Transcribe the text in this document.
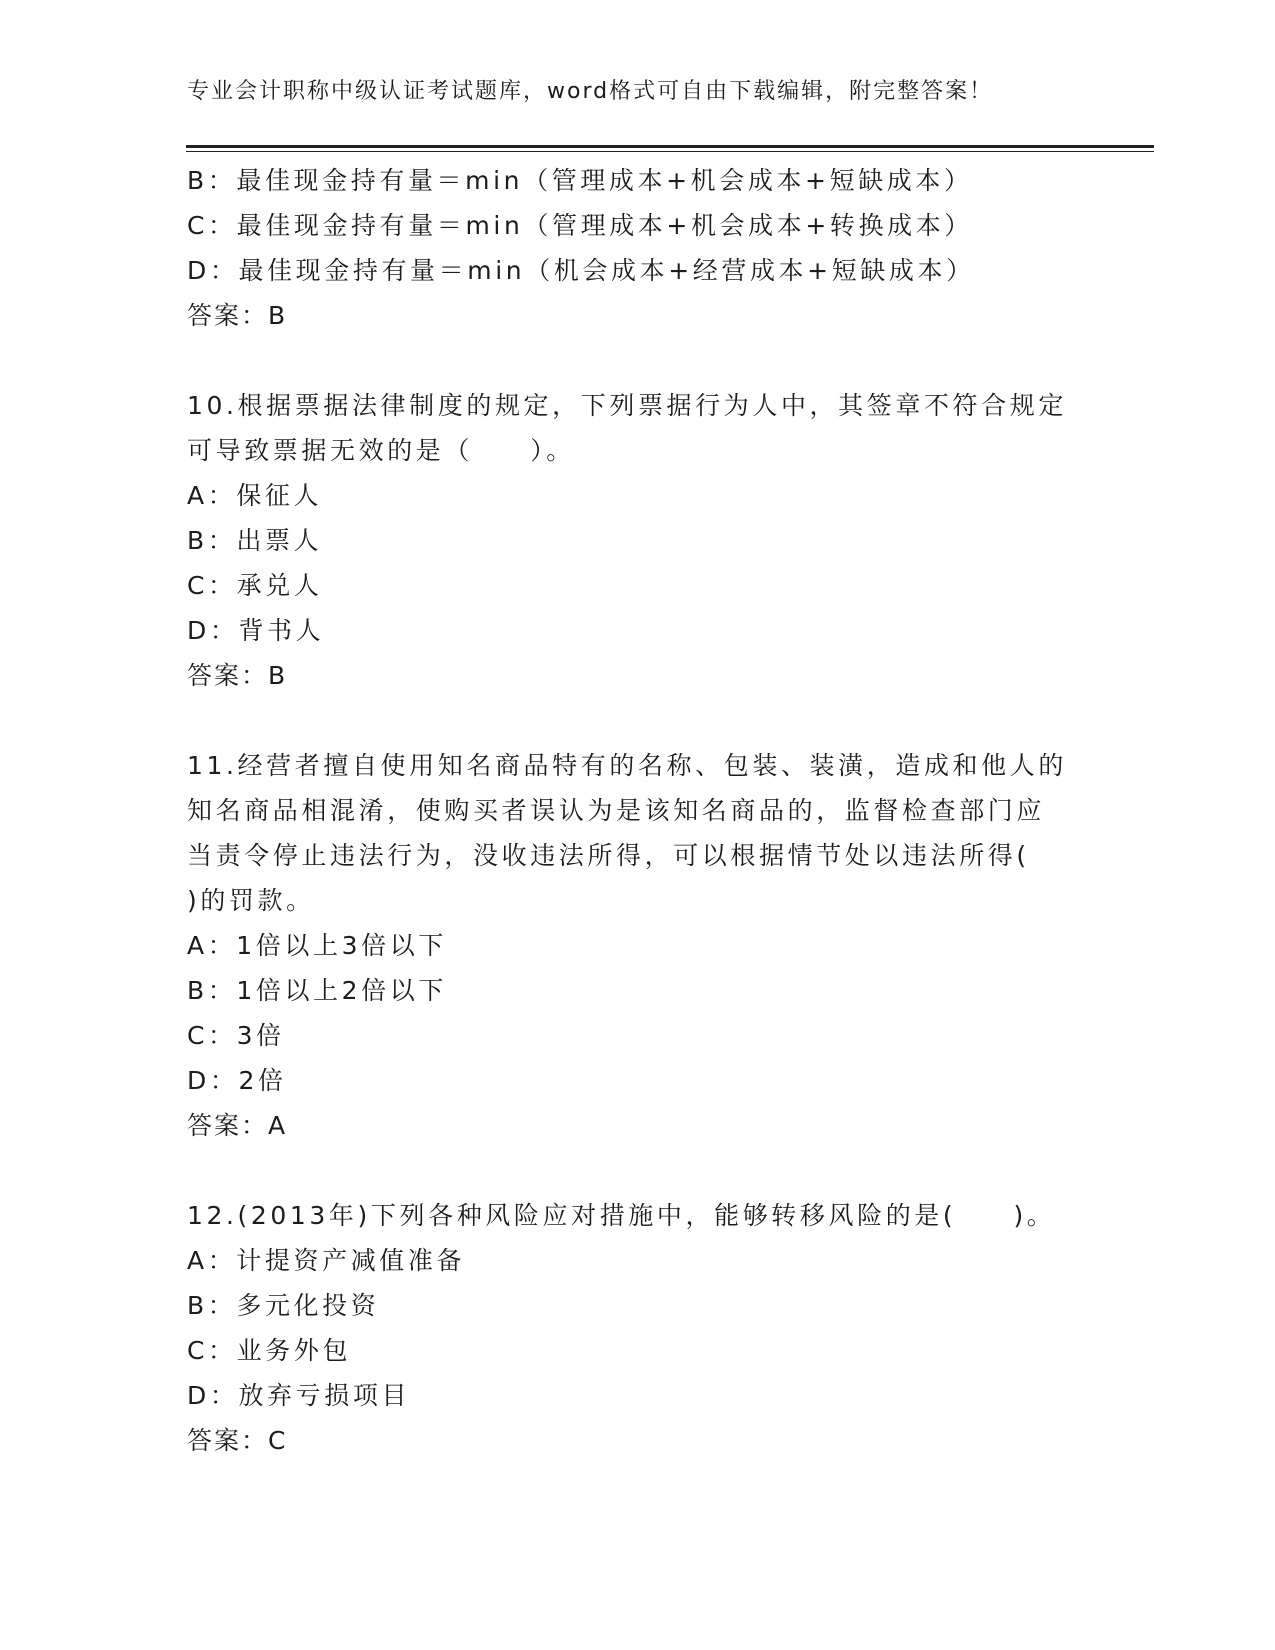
专业会计职称中级认证考试题库，word格式可自由下载编辑，附完整答案！
B：最佳现金持有量＝min（管理成本+机会成本+短缺成本）
C：最佳现金持有量＝min（管理成本+机会成本+转换成本）
D：最佳现金持有量＝min（机会成本+经营成本+短缺成本）
答案：B
10.根据票据法律制度的规定，下列票据行为人中，其签章不符合规定
可导致票据无效的是（　　）。
A：保征人
B：出票人
C：承兑人
D：背书人
答案：B
11.经营者擅自使用知名商品特有的名称、包装、装潢，造成和他人的
知名商品相混淆，使购买者误认为是该知名商品的，监督检查部门应
当责令停止违法行为，没收违法所得，可以根据情节处以违法所得(
)的罚款。
A：1倍以上3倍以下
B：1倍以上2倍以下
C：3倍
D：2倍
答案：A
12.(2013年)下列各种风险应对措施中，能够转移风险的是(　　)。
A：计提资产减值准备
B：多元化投资
C：业务外包
D：放弃亏损项目
答案：C
